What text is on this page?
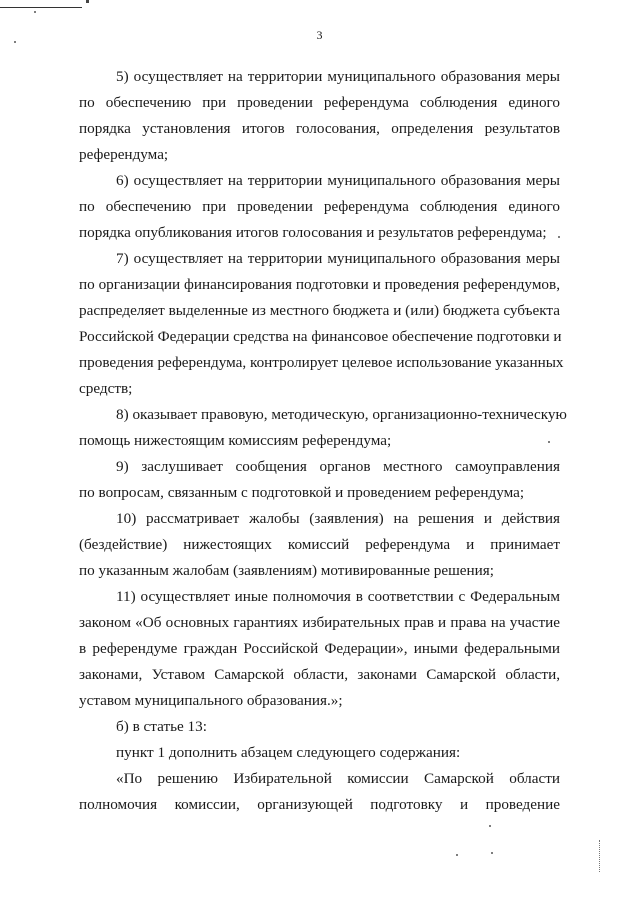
3
5) осуществляет на территории муниципального образования меры
по обеспечению при проведении референдума соблюдения единого
порядка установления итогов голосования, определения результатов
референдума;
6) осуществляет на территории муниципального образования меры
по обеспечению при проведении референдума соблюдения единого
порядка опубликования итогов голосования и результатов референдума;
7) осуществляет на территории муниципального образования меры
по организации финансирования подготовки и проведения референдумов,
распределяет выделенные из местного бюджета и (или) бюджета субъекта
Российской Федерации средства на финансовое обеспечение подготовки и
проведения референдума, контролирует целевое использование указанных
средств;
8) оказывает правовую, методическую, организационно-техническую
помощь нижестоящим комиссиям референдума;
9) заслушивает сообщения органов местного самоуправления
по вопросам, связанным с подготовкой и проведением референдума;
10) рассматривает жалобы (заявления) на решения и действия
(бездействие) нижестоящих комиссий референдума и принимает
по указанным жалобам (заявлениям) мотивированные решения;
11) осуществляет иные полномочия в соответствии с Федеральным
законом «Об основных гарантиях избирательных прав и права на участие
в референдуме граждан Российской Федерации», иными федеральными
законами, Уставом Самарской области, законами Самарской области,
уставом муниципального образования.»;
б) в статье 13:
пункт 1 дополнить абзацем следующего содержания:
«По решению Избирательной комиссии Самарской области
полномочия комиссии, организующей подготовку и проведение
